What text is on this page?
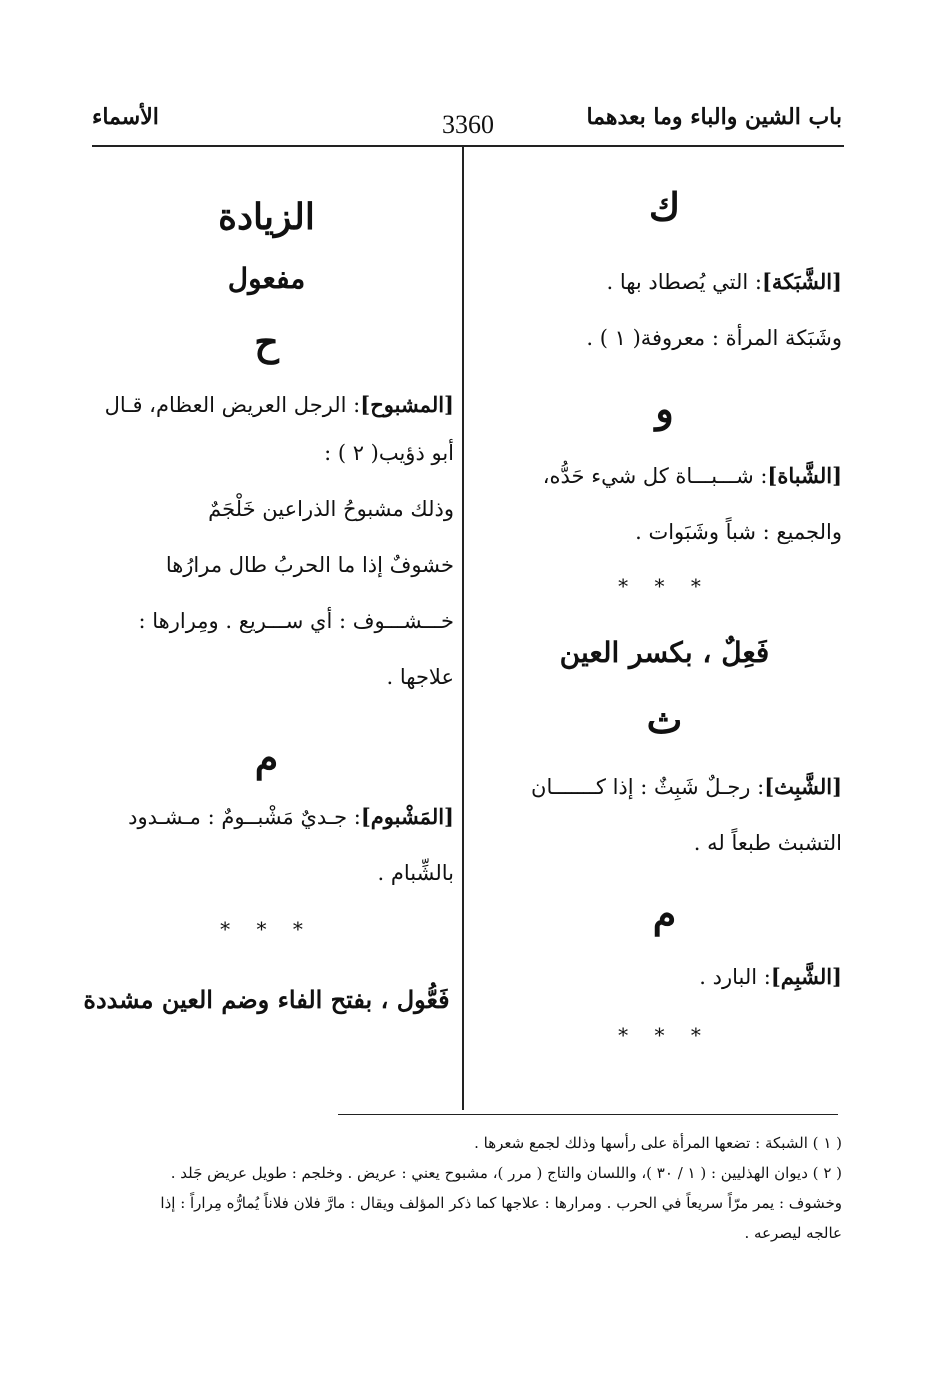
باب الشين والباء وما بعدهما
3360
الأسماء

ك

[الشَّبَكة]: التي يُصطاد بها .

وشَبَكة المرأة : معروفة( ١ ) .

و

[الشَّباة]: شـــبـــاة كل شيء حَدُّه،

والجميع : شباً وشَبَوات .

* * *

فَعِلٌ ، بكسر العين

ث

[الشَّبِث]: رجـلٌ شَبِثٌ : إذا كـــــــان

التشبث طبعاً له .

م

[الشَّبِم]: البارد .

* * *

الزيادة

مفعول

ح

[المشبوح]: الرجل العريض العظام، قـال

أبو ذؤيب( ٢ ) :

وذلك مشبوحُ الذراعين خَلْجَمٌ

خشوفٌ إذا ما الحربُ طال مرارُها

خـــشـــوف : أي ســـريع . ومِرارها :

علاجها .

م

[المَشْبوم]: جـديٌ مَشْبــومٌ : مـشـدود

بالشِّبام .

* * *

فَعُّول ، بفتح الفاء وضم العين مشددة

( ١ ) الشبكة : تضعها المرأة على رأسها وذلك لجمع شعرها .

( ٢ ) ديوان الهذليين : ( ١ / ٣٠ )، واللسان والتاج ( مرر )، مشبوح يعني : عريض . وخلجم : طويل عريض جَلد .

وخشوف : يمر مرّاً سريعاً في الحرب . ومرارها : علاجها كما ذكر المؤلف ويقال : مارَّ فلان فلاناً يُمارُّه مِراراً : إذا

عالجه ليصرعه .
